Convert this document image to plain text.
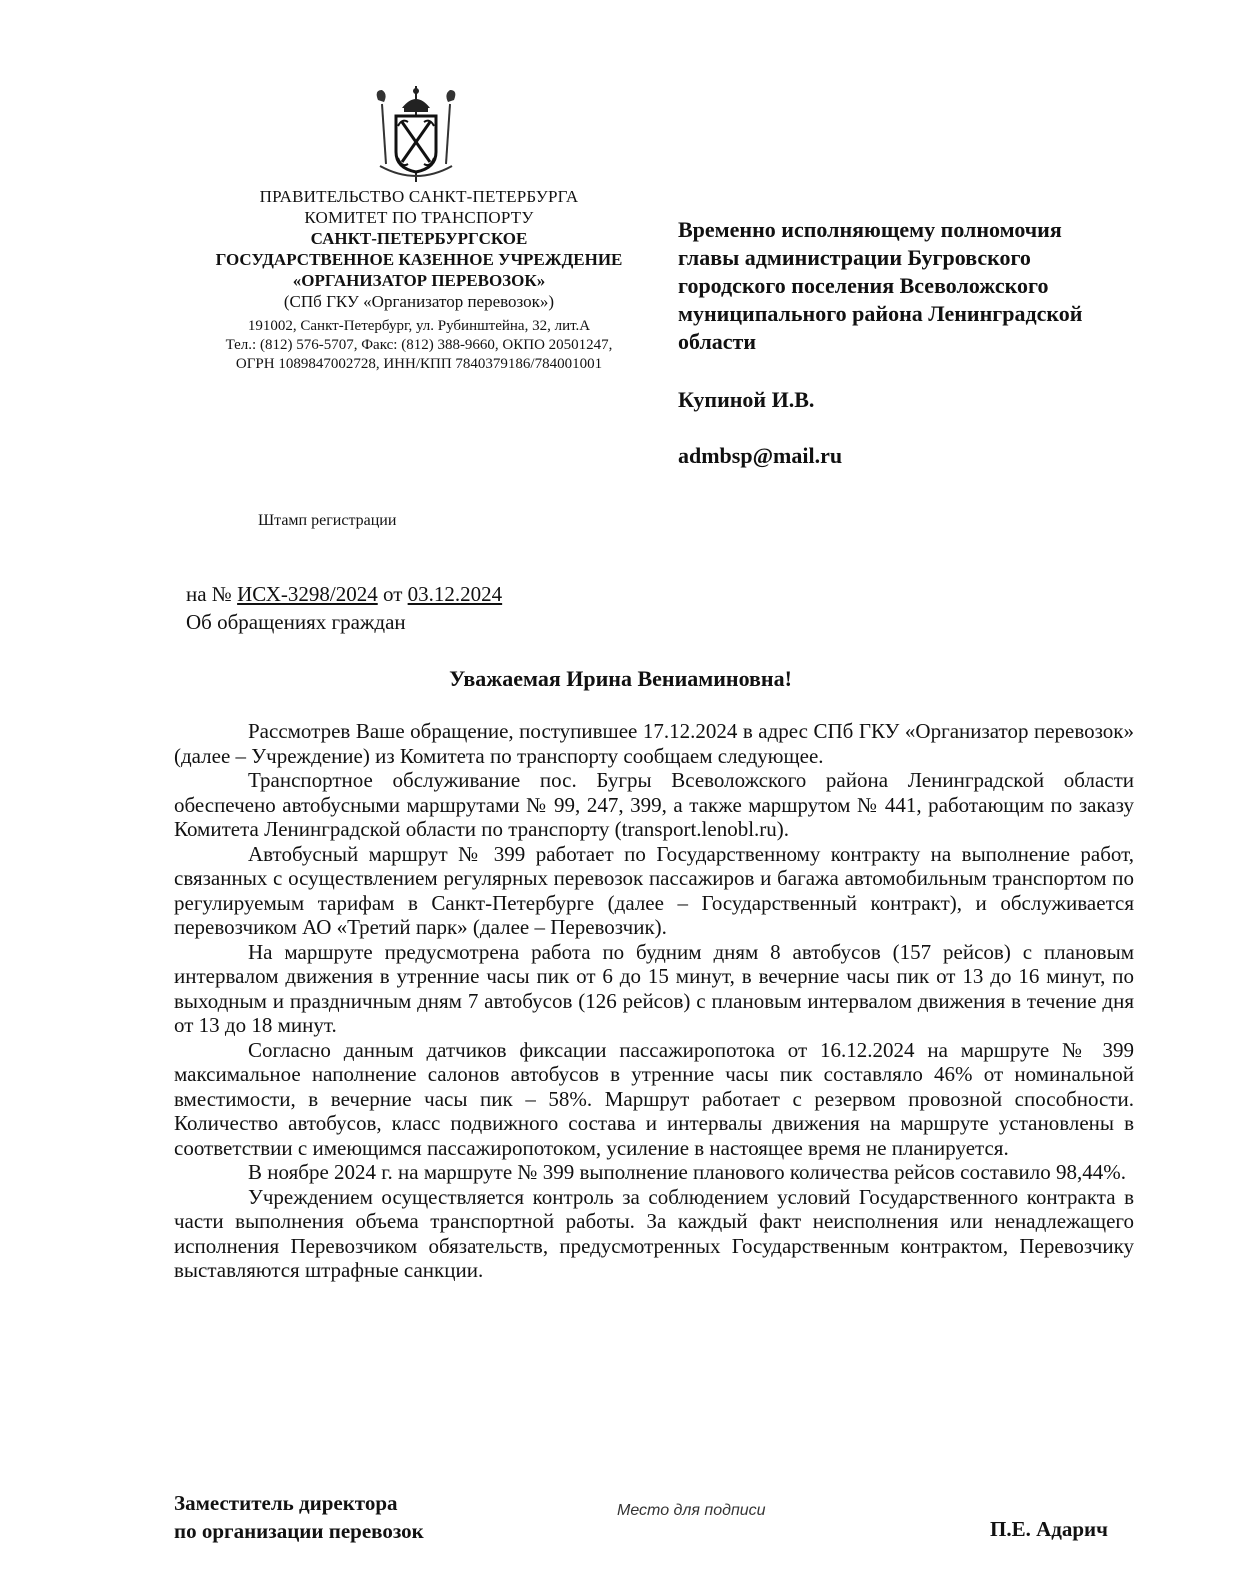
ПРАВИТЕЛЬСТВО САНКТ-ПЕТЕРБУРГА
КОМИТЕТ ПО ТРАНСПОРТУ
САНКТ-ПЕТЕРБУРГСКОЕ
ГОСУДАРСТВЕННОЕ КАЗЕННОЕ УЧРЕЖДЕНИЕ
«ОРГАНИЗАТОР ПЕРЕВОЗОК»
(СПб ГКУ «Организатор перевозок»)
191002, Санкт-Петербург, ул. Рубинштейна, 32, лит.А
Тел.: (812) 576-5707, Факс: (812) 388-9660, ОКПО 20501247,
ОГРН 1089847002728, ИНН/КПП 7840379186/784001001
Временно исполняющему полномочия
главы администрации Бугровского
городского поселения Всеволожского
муниципального района Ленинградской
области
Купиной И.В.
admbsp@mail.ru
Штамп регистрации
на № ИСХ-3298/2024 от 03.12.2024
Об обращениях граждан
Уважаемая Ирина Вениаминовна!

Рассмотрев Ваше обращение, поступившее 17.12.2024 в адрес СПб ГКУ «Организатор перевозок» (далее – Учреждение) из Комитета по транспорту сообщаем следующее.

Транспортное обслуживание пос. Бугры Всеволожского района Ленинградской области обеспечено автобусными маршрутами № 99, 247, 399, а также маршрутом № 441, работающим по заказу Комитета Ленинградской области по транспорту (transport.lenobl.ru).

Автобусный маршрут № 399 работает по Государственному контракту на выполнение работ, связанных с осуществлением регулярных перевозок пассажиров и багажа автомобильным транспортом по регулируемым тарифам в Санкт-Петербурге (далее – Государственный контракт), и обслуживается перевозчиком АО «Третий парк» (далее – Перевозчик).

На маршруте предусмотрена работа по будним дням 8 автобусов (157 рейсов) с плановым интервалом движения в утренние часы пик от 6 до 15 минут, в вечерние часы пик от 13 до 16 минут, по выходным и праздничным дням 7 автобусов (126 рейсов) с плановым интервалом движения в течение дня от 13 до 18 минут.

Согласно данным датчиков фиксации пассажиропотока от 16.12.2024 на маршруте № 399 максимальное наполнение салонов автобусов в утренние часы пик составляло 46% от номинальной вместимости, в вечерние часы пик – 58%. Маршрут работает с резервом провозной способности. Количество автобусов, класс подвижного состава и интервалы движения на маршруте установлены в соответствии с имеющимся пассажиропотоком, усиление в настоящее время не планируется.

В ноябре 2024 г. на маршруте № 399 выполнение планового количества рейсов составило 98,44%.

Учреждением осуществляется контроль за соблюдением условий Государственного контракта в части выполнения объема транспортной работы. За каждый факт неисполнения или ненадлежащего исполнения Перевозчиком обязательств, предусмотренных Государственным контрактом, Перевозчику выставляются штрафные санкции.

Заместитель директора
по организации перевозок
Место для подписи
П.Е. Адарич
